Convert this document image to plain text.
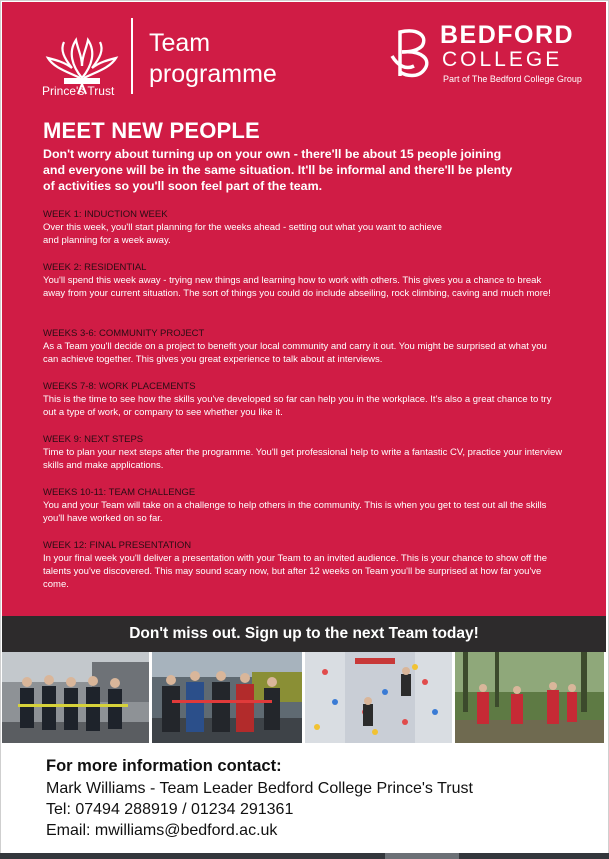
Prince's Trust
Team
programme
BEDFORD
COLLEGE
Part of The Bedford College Group
MEET NEW PEOPLE
Don't worry about turning up on your own - there'll be about 15 people joining and everyone will be in the same situation. It'll be informal and there'll be plenty of activities so you'll soon feel part of the team.
WEEK 1: INDUCTION WEEK
Over this week, you'll start planning for the weeks ahead - setting out what you want to achieve and planning for a week away.
WEEK 2: RESIDENTIAL
You'll spend this week away - trying new things and learning how to work with others. This gives you a chance to break away from your current situation. The sort of things you could do include abseiling, rock climbing, caving and much more!
WEEKS 3-6: COMMUNITY PROJECT
As a Team you'll decide on a project to benefit your local community and carry it out. You might be surprised at what you can achieve together. This gives you great experience to talk about at interviews.
WEEKS 7-8: WORK PLACEMENTS
This is the time to see how the skills you've developed so far can help you in the workplace. It's also a great chance to try out a type of work, or company to see whether you like it.
WEEK 9: NEXT STEPS
Time to plan your next steps after the programme. You'll get professional help to write a fantastic CV, practice your interview skills and make applications.
WEEKS 10-11: TEAM CHALLENGE
You and your Team will take on a challenge to help others in the community. This is when you get to test out all the skills you'll have worked on so far.
WEEK 12: FINAL PRESENTATION
In your final week you'll deliver a presentation with your Team to an invited audience. This is your chance to show off the talents you've discovered. This may sound scary now, but after 12 weeks on Team you'll be surprised at how far you've come.
Don't miss out. Sign up to the next Team today!
For more information contact:
Mark Williams - Team Leader Bedford College Prince's Trust
Tel: 07494 288919 / 01234 291361
Email: mwilliams@bedford.ac.uk
